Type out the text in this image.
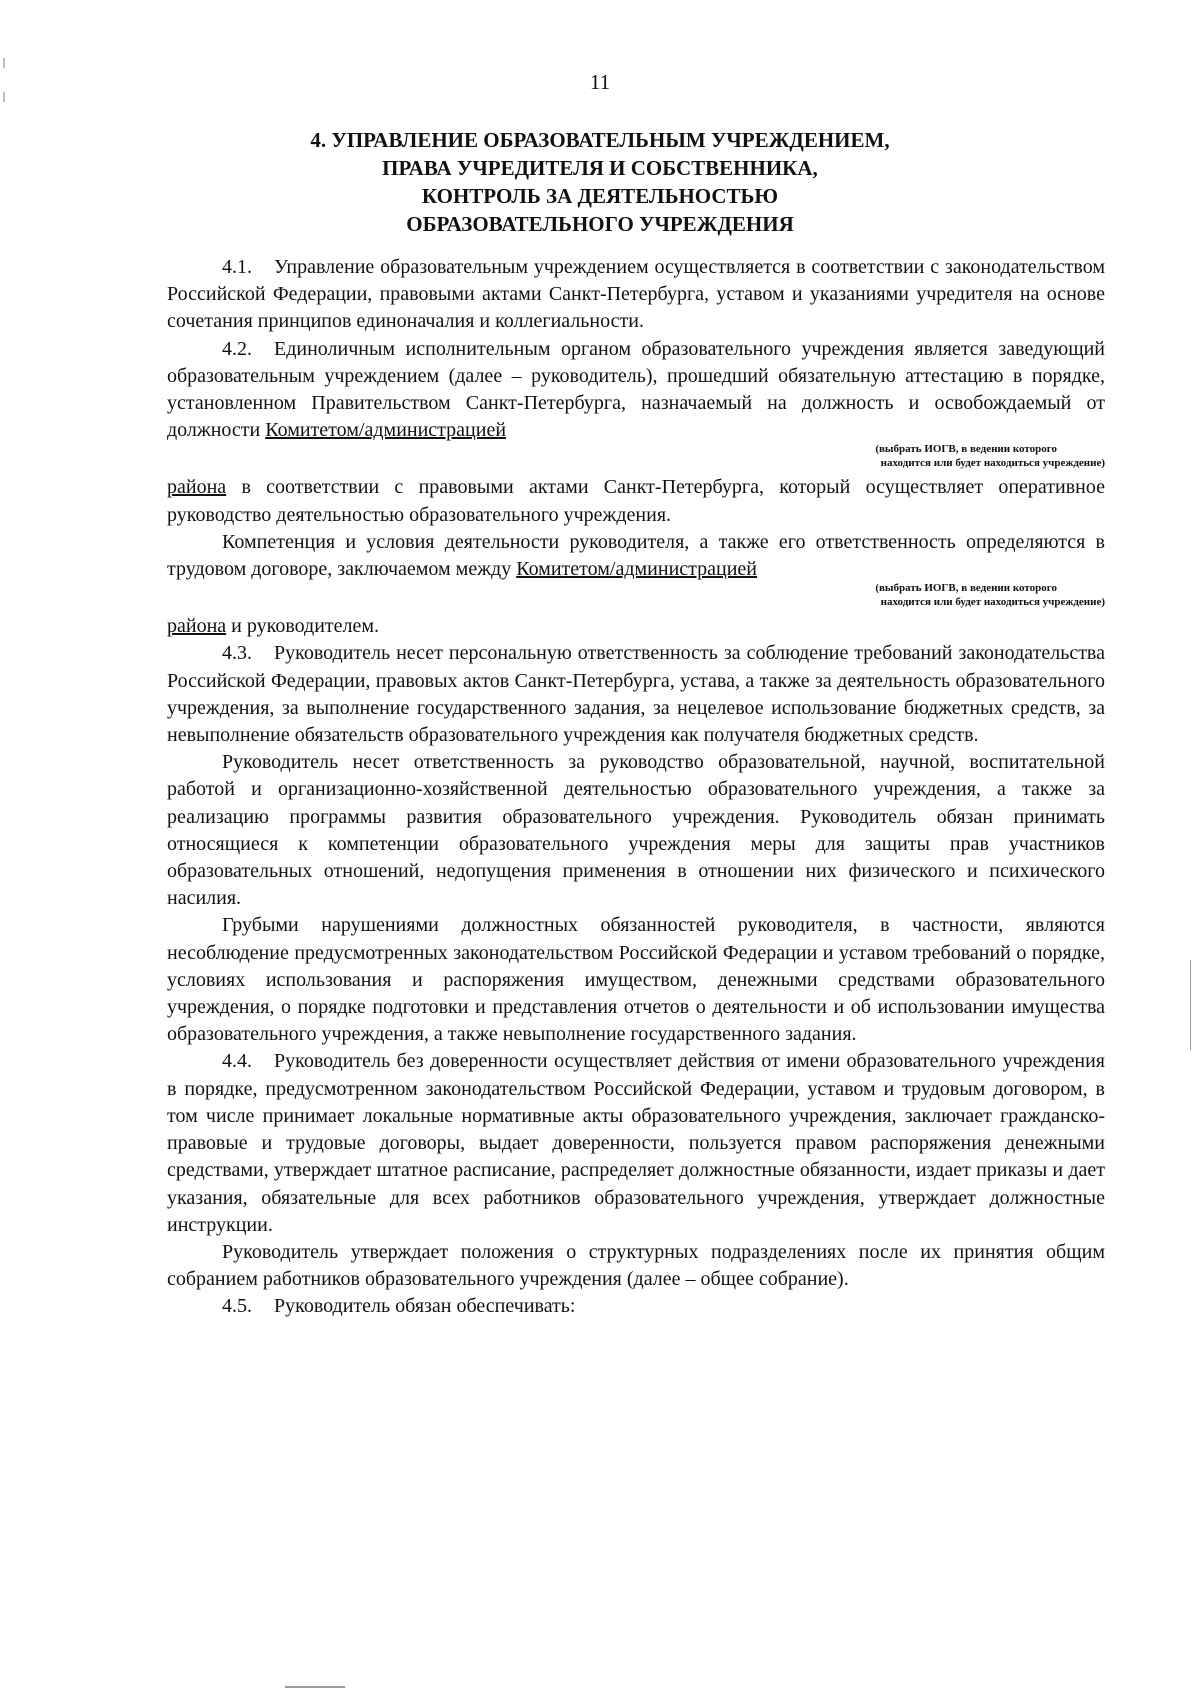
11
4. УПРАВЛЕНИЕ ОБРАЗОВАТЕЛЬНЫМ УЧРЕЖДЕНИЕМ,
ПРАВА УЧРЕДИТЕЛЯ И СОБСТВЕННИКА,
КОНТРОЛЬ ЗА ДЕЯТЕЛЬНОСТЬЮ
ОБРАЗОВАТЕЛЬНОГО УЧРЕЖДЕНИЯ

4.1. Управление образовательным учреждением осуществляется в соответствии с законодательством Российской Федерации, правовыми актами Санкт-Петербурга, уставом и указаниями учредителя на основе сочетания принципов единоначалия и коллегиальности.

4.2. Единоличным исполнительным органом образовательного учреждения является заведующий образовательным учреждением (далее – руководитель), прошедший обязательную аттестацию в порядке, установленном Правительством Санкт-Петербурга, назначаемый на должность и освобождаемый от должности Комитетом/администрацией

(выбрать ИОГВ, в ведении которого
находится или будет находиться учреждение)

района в соответствии с правовыми актами Санкт-Петербурга, который осуществляет оперативное руководство деятельностью образовательного учреждения.

Компетенция и условия деятельности руководителя, а также его ответственность определяются в трудовом договоре, заключаемом между Комитетом/администрацией

(выбрать ИОГВ, в ведении которого
находится или будет находиться учреждение)

района и руководителем.

4.3. Руководитель несет персональную ответственность за соблюдение требований законодательства Российской Федерации, правовых актов Санкт-Петербурга, устава, а также за деятельность образовательного учреждения, за выполнение государственного задания, за нецелевое использование бюджетных средств, за невыполнение обязательств образовательного учреждения как получателя бюджетных средств.

Руководитель несет ответственность за руководство образовательной, научной, воспитательной работой и организационно-хозяйственной деятельностью образовательного учреждения, а также за реализацию программы развития образовательного учреждения. Руководитель обязан принимать относящиеся к компетенции образовательного учреждения меры для защиты прав участников образовательных отношений, недопущения применения в отношении них физического и психического насилия.

Грубыми нарушениями должностных обязанностей руководителя, в частности, являются несоблюдение предусмотренных законодательством Российской Федерации и уставом требований о порядке, условиях использования и распоряжения имуществом, денежными средствами образовательного учреждения, о порядке подготовки и представления отчетов о деятельности и об использовании имущества образовательного учреждения, а также невыполнение государственного задания.

4.4. Руководитель без доверенности осуществляет действия от имени образовательного учреждения в порядке, предусмотренном законодательством Российской Федерации, уставом и трудовым договором, в том числе принимает локальные нормативные акты образовательного учреждения, заключает гражданско-правовые и трудовые договоры, выдает доверенности, пользуется правом распоряжения денежными средствами, утверждает штатное расписание, распределяет должностные обязанности, издает приказы и дает указания, обязательные для всех работников образовательного учреждения, утверждает должностные инструкции.

Руководитель утверждает положения о структурных подразделениях после их принятия общим собранием работников образовательного учреждения (далее – общее собрание).

4.5. Руководитель обязан обеспечивать:
